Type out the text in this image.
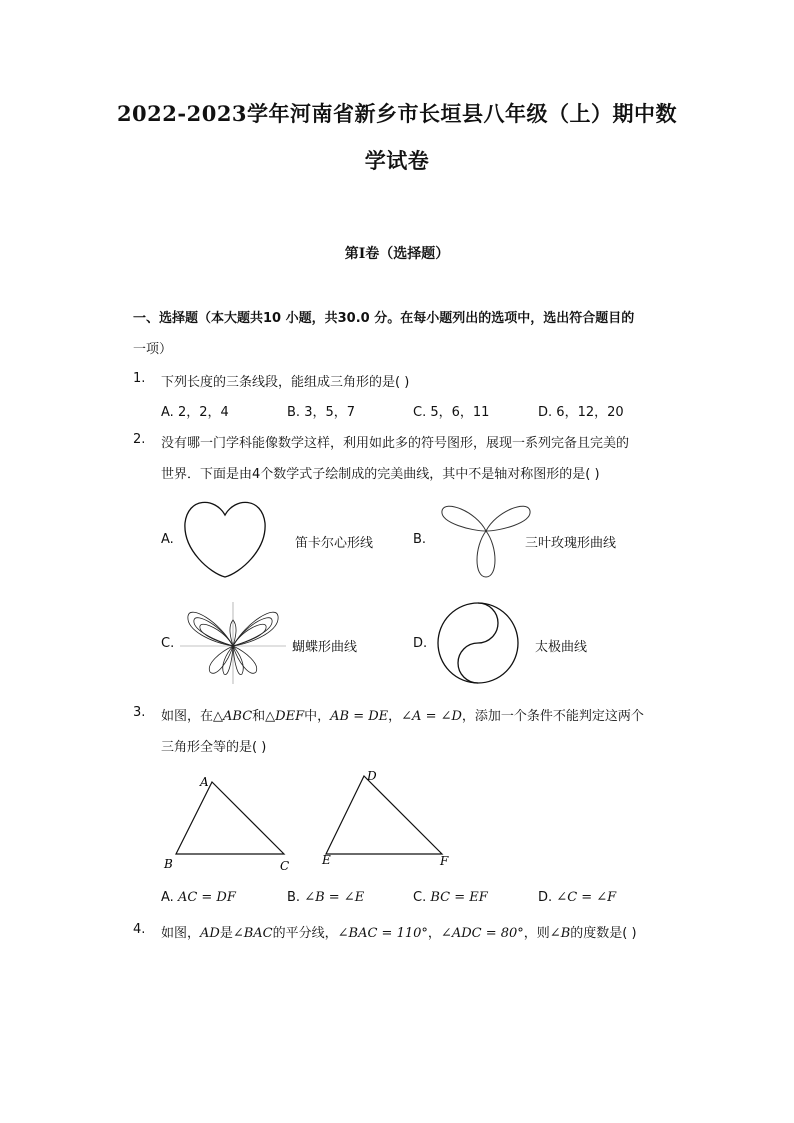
2022-2023学年河南省新乡市长垣县八年级（上）期中数
学试卷
第I卷（选择题）
一、选择题（本大题共10 小题，共30.0 分。在每小题列出的选项中，选出符合题目的
一项）
1. 下列长度的三条线段，能组成三角形的是( )
A. 2，2，4	B. 3，5，7	C. 5，6，11	D. 6，12，20
2. 没有哪一门学科能像数学这样，利用如此多的符号图形，展现一系列完备且完美的
世界．下面是由4个数学式子绘制成的完美曲线，其中不是轴对称图形的是( )
A.	笛卡尔心形线	B.	三叶玫瑰形曲线
C.	蝴蝶形曲线	D.	太极曲线
3. 如图，在△ABC和△DEF中，AB = DE，∠A = ∠D，添加一个条件不能判定这两个
三角形全等的是( )
A
B	C
D
E	F
A. AC = DF	B. ∠B = ∠E	C. BC = EF	D. ∠C = ∠F
4. 如图，AD是∠BAC的平分线，∠BAC = 110°，∠ADC = 80°，则∠B的度数是( )
